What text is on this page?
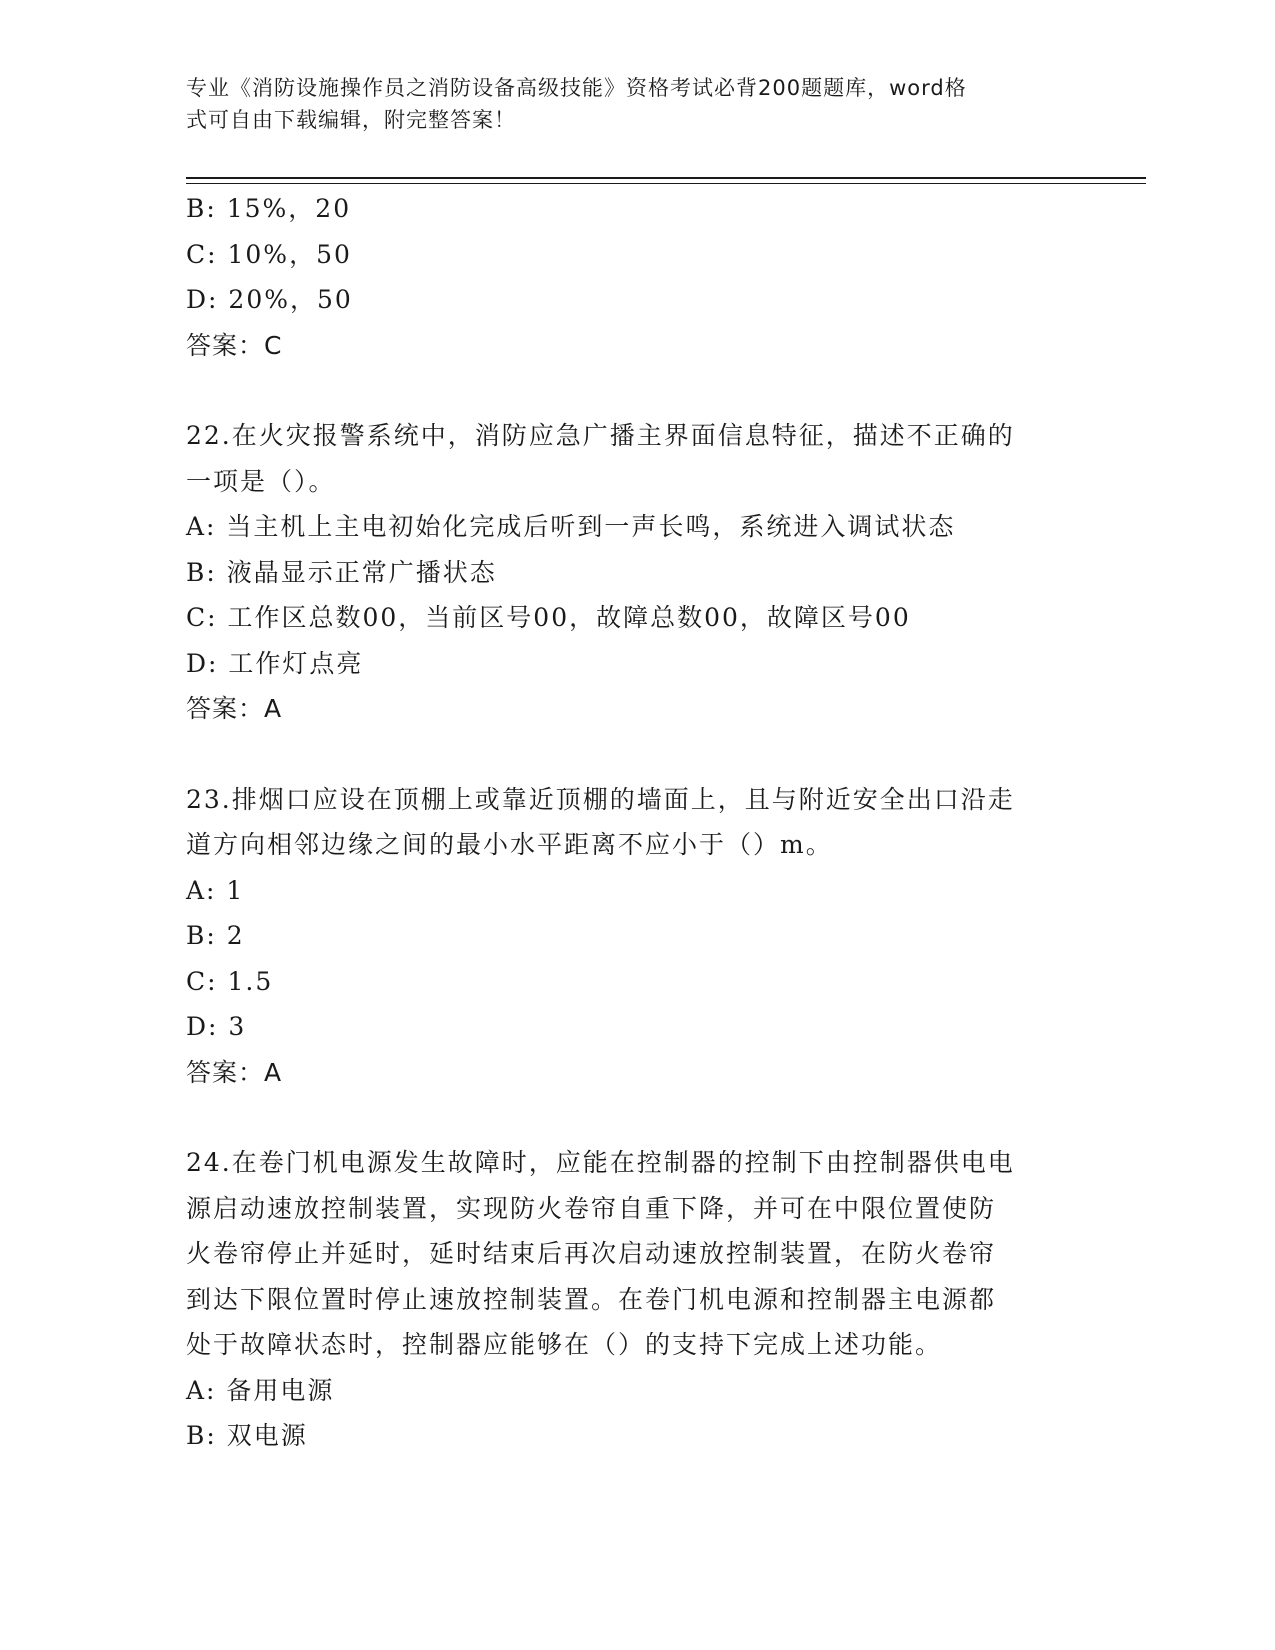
专业《消防设施操作员之消防设备高级技能》资格考试必背200题题库，word格
式可自由下载编辑，附完整答案！
B: 15%，20
C: 10%，50
D: 20%，50
答案：C
22.在火灾报警系统中，消防应急广播主界面信息特征，描述不正确的
一项是（）。
A: 当主机上主电初始化完成后听到一声长鸣，系统进入调试状态
B: 液晶显示正常广播状态
C: 工作区总数00，当前区号00，故障总数00，故障区号00
D: 工作灯点亮
答案：A
23.排烟口应设在顶棚上或靠近顶棚的墙面上，且与附近安全出口沿走
道方向相邻边缘之间的最小水平距离不应小于（）m。
A: 1
B: 2
C: 1.5
D: 3
答案：A
24.在卷门机电源发生故障时，应能在控制器的控制下由控制器供电电
源启动速放控制装置，实现防火卷帘自重下降，并可在中限位置使防
火卷帘停止并延时，延时结束后再次启动速放控制装置，在防火卷帘
到达下限位置时停止速放控制装置。在卷门机电源和控制器主电源都
处于故障状态时，控制器应能够在（）的支持下完成上述功能。
A: 备用电源
B: 双电源
